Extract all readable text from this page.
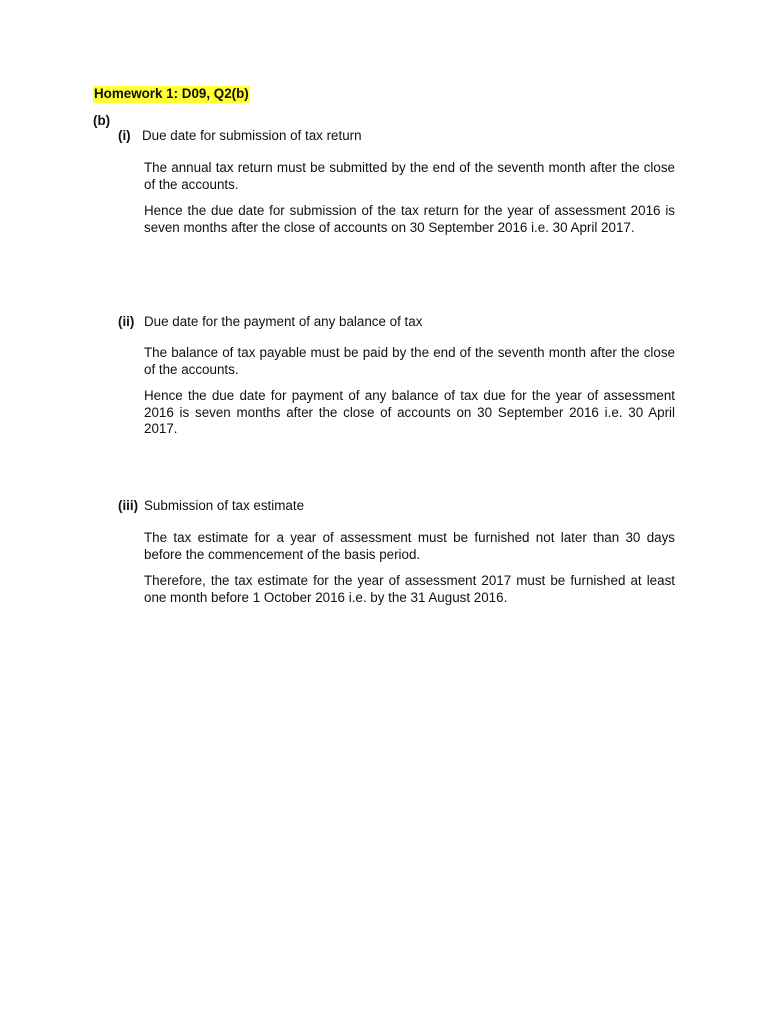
Homework 1: D09, Q2(b)
(b)
(i) Due date for submission of tax return

The annual tax return must be submitted by the end of the seventh month after the close of the accounts.

Hence the due date for submission of the tax return for the year of assessment 2016 is seven months after the close of accounts on 30 September 2016 i.e. 30 April 2017.

(ii) Due date for the payment of any balance of tax

The balance of tax payable must be paid by the end of the seventh month after the close of the accounts.

Hence the due date for payment of any balance of tax due for the year of assessment 2016 is seven months after the close of accounts on 30 September 2016 i.e. 30 April 2017.

(iii) Submission of tax estimate

The tax estimate for a year of assessment must be furnished not later than 30 days before the commencement of the basis period.

Therefore, the tax estimate for the year of assessment 2017 must be furnished at least one month before 1 October 2016 i.e. by the 31 August 2016.
